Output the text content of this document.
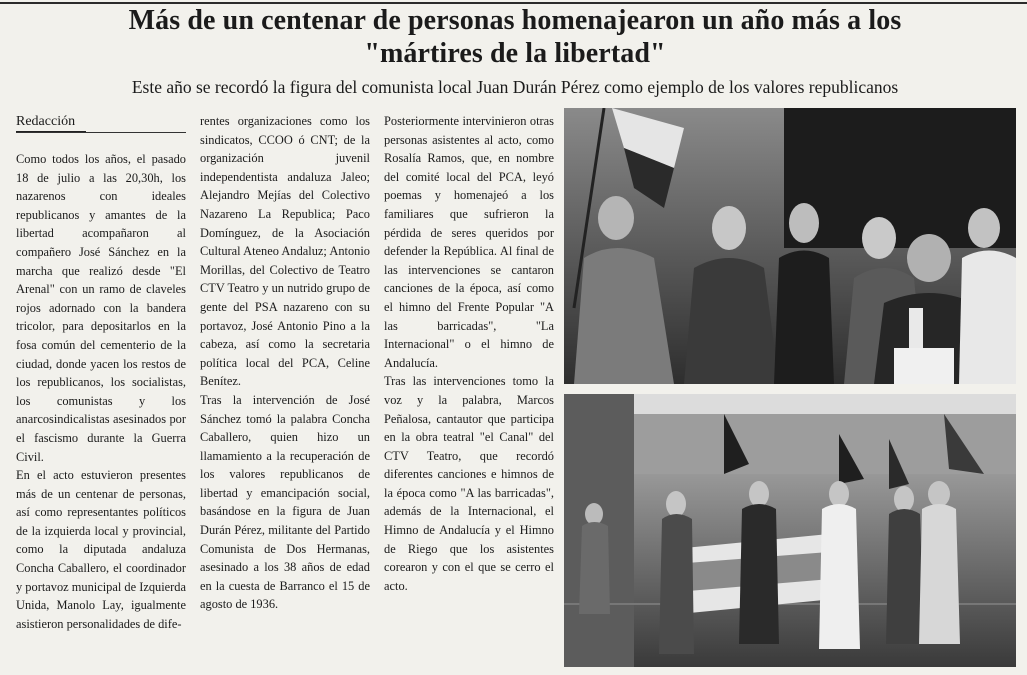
Más de un centenar de personas homenajearon un año más a los
"mártires de la libertad"
Este año se recordó la figura del comunista local Juan Durán Pérez como ejemplo de los valores republicanos
Redacción

Como todos los años, el pasado 18 de julio a las 20,30h, los nazarenos con ideales republicanos y amantes de la libertad acompañaron al compañero José Sánchez en la marcha que realizó desde "El Arenal" con un ramo de claveles rojos adornado con la bandera tricolor, para depositarlos en la fosa común del cementerio de la ciudad, donde yacen los restos de los republicanos, los socialistas, los comunistas y los anarcosindicalistas asesinados por el fascismo durante la Guerra Civil.

En el acto estuvieron presentes más de un centenar de personas, así como representantes políticos de la izquierda local y provincial, como la diputada andaluza Concha Caballero, el coordinador y portavoz municipal de Izquierda Unida, Manolo Lay, igualmente asistieron personalidades de dife-

rentes organizaciones como los sindicatos, CCOO ó CNT; de la organización juvenil independentista andaluza Jaleo; Alejandro Mejías del Colectivo Nazareno La Republica; Paco Domínguez, de la Asociación Cultural Ateneo Andaluz; Antonio Morillas, del Colectivo de Teatro CTV Teatro y un nutrido grupo de gente del PSA nazareno con su portavoz, José Antonio Pino a la cabeza, así como la secretaria política local del PCA, Celine Benítez.

Tras la intervención de José Sánchez tomó la palabra Concha Caballero, quien hizo un llamamiento a la recuperación de los valores republicanos de libertad y emancipación social, basándose en la figura de Juan Durán Pérez, militante del Partido Comunista de Dos Hermanas, asesinado a los 38 años de edad en la cuesta de Barranco el 15 de agosto de 1936.

Posteriormente intervinieron otras personas asistentes al acto, como Rosalía Ramos, que, en nombre del comité local del PCA, leyó poemas y homenajeó a los familiares que sufrieron la pérdida de seres queridos por defender la República. Al final de las intervenciones se cantaron canciones de la época, así como el himno del Frente Popular "A las barricadas", "La Internacional" o el himno de Andalucía.

Tras las intervenciones tomo la voz y la palabra, Marcos Peñalosa, cantautor que participa en la obra teatral "el Canal" del CTV Teatro, que recordó diferentes canciones e himnos de la época como "A las barricadas", además de la Internacional, el Himno de Andalucía y el Himno de Riego que los asistentes corearon y con el que se cerro el acto.
